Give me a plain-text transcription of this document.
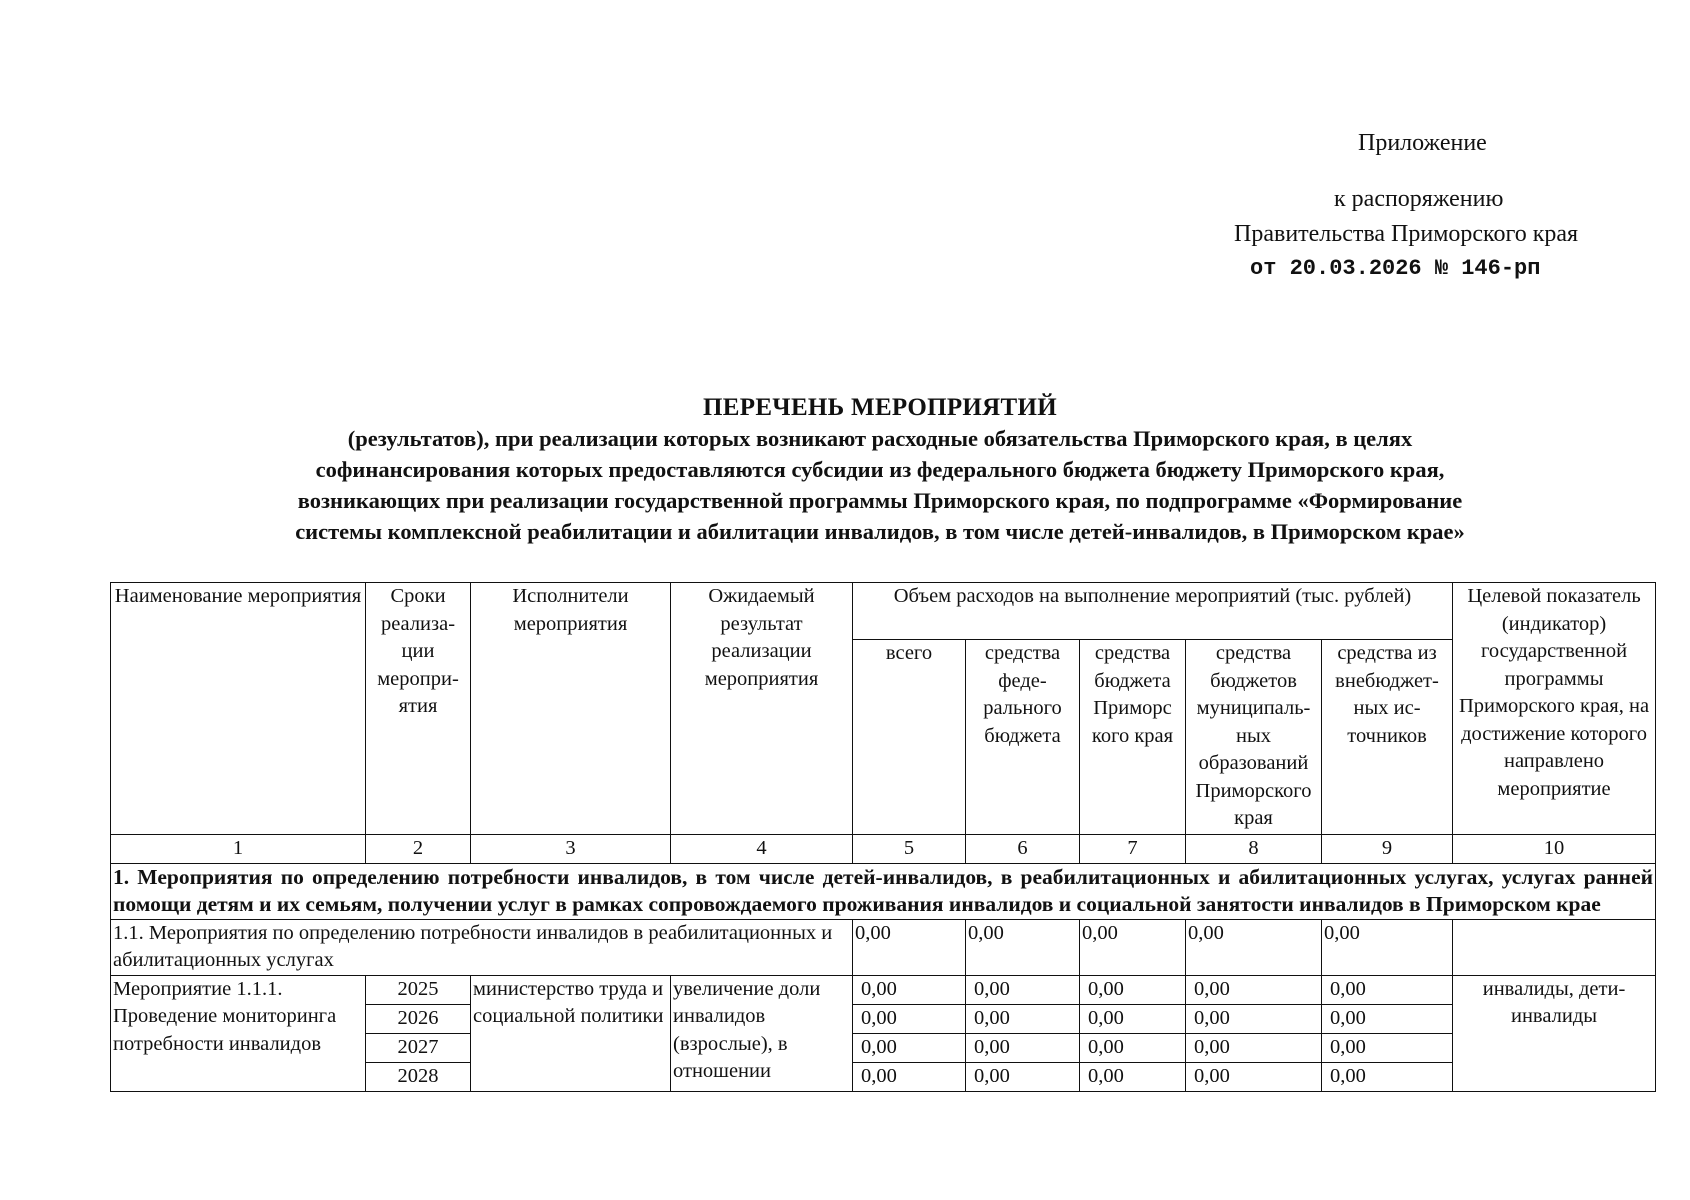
Приложение
к распоряжению
Правительства Приморского края
от 20.03.2026 № 146-рп
ПЕРЕЧЕНЬ МЕРОПРИЯТИЙ
(результатов), при реализации которых возникают расходные обязательства Приморского края, в целях
софинансирования которых предоставляются субсидии из федерального бюджета бюджету Приморского края,
возникающих при реализации государственной программы Приморского края, по подпрограмме «Формирование
системы комплексной реабилитации и абилитации инвалидов, в том числе детей-инвалидов, в Приморском крае»
Наименование мероприятия	Сроки реализа-ции меропри-ятия	Исполнители мероприятия	Ожидаемый результат реализации мероприятия	Объем расходов на выполнение мероприятий (тыс. рублей)					Целевой показатель (индикатор) государственной программы Приморского края, на достижение которого направлено мероприятие
				всего	средства феде-рального бюджета	средства бюджета Приморс кого края	средства бюджетов муниципаль-ных образований Приморского края	средства из внебюджет-ных ис-точников	
1	2	3	4	5	6	7	8	9	10
1. Мероприятия по определению потребности инвалидов, в том числе детей-инвалидов, в реабилитационных и абилитационных услугах, услугах ранней помощи детям и их семьям, получении услуг в рамках сопровождаемого проживания инвалидов и социальной занятости инвалидов в Приморском крае									
1.1. Мероприятия по определению потребности инвалидов в реабилитационных и абилитационных услугах				0,00	0,00	0,00	0,00	0,00	
Мероприятие 1.1.1. Проведение мониторинга потребности инвалидов	2025	министерство труда и социальной политики	увеличение доли инвалидов (взрослые), в отношении	0,00	0,00	0,00	0,00	0,00	инвалиды, дети-инвалиды
	2026			0,00	0,00	0,00	0,00	0,00	
	2027			0,00	0,00	0,00	0,00	0,00	
	2028			0,00	0,00	0,00	0,00	0,00	
